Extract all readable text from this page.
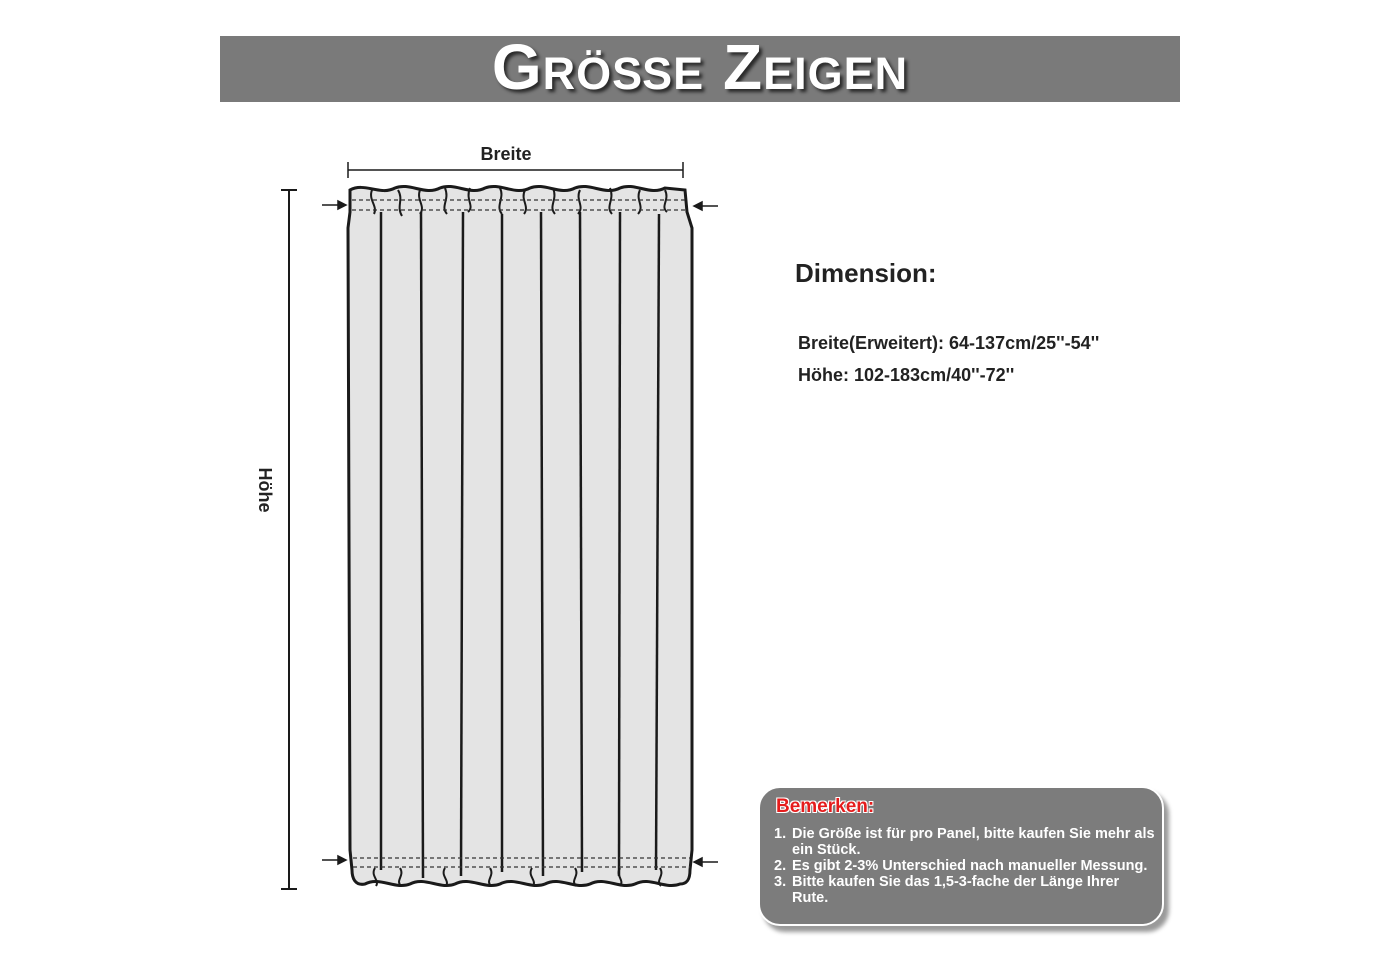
Größe Zeigen
Breite
Höhe
Dimension:
Breite(Erweitert): 64-137cm/25''-54''
Höhe: 102-183cm/40''-72''
Bemerken:
1. Die Größe ist für pro Panel, bitte kaufen Sie mehr als ein Stück.
2. Es gibt 2-3% Unterschied nach manueller Messung.
3. Bitte kaufen Sie das 1,5-3-fache der Länge Ihrer Rute.
